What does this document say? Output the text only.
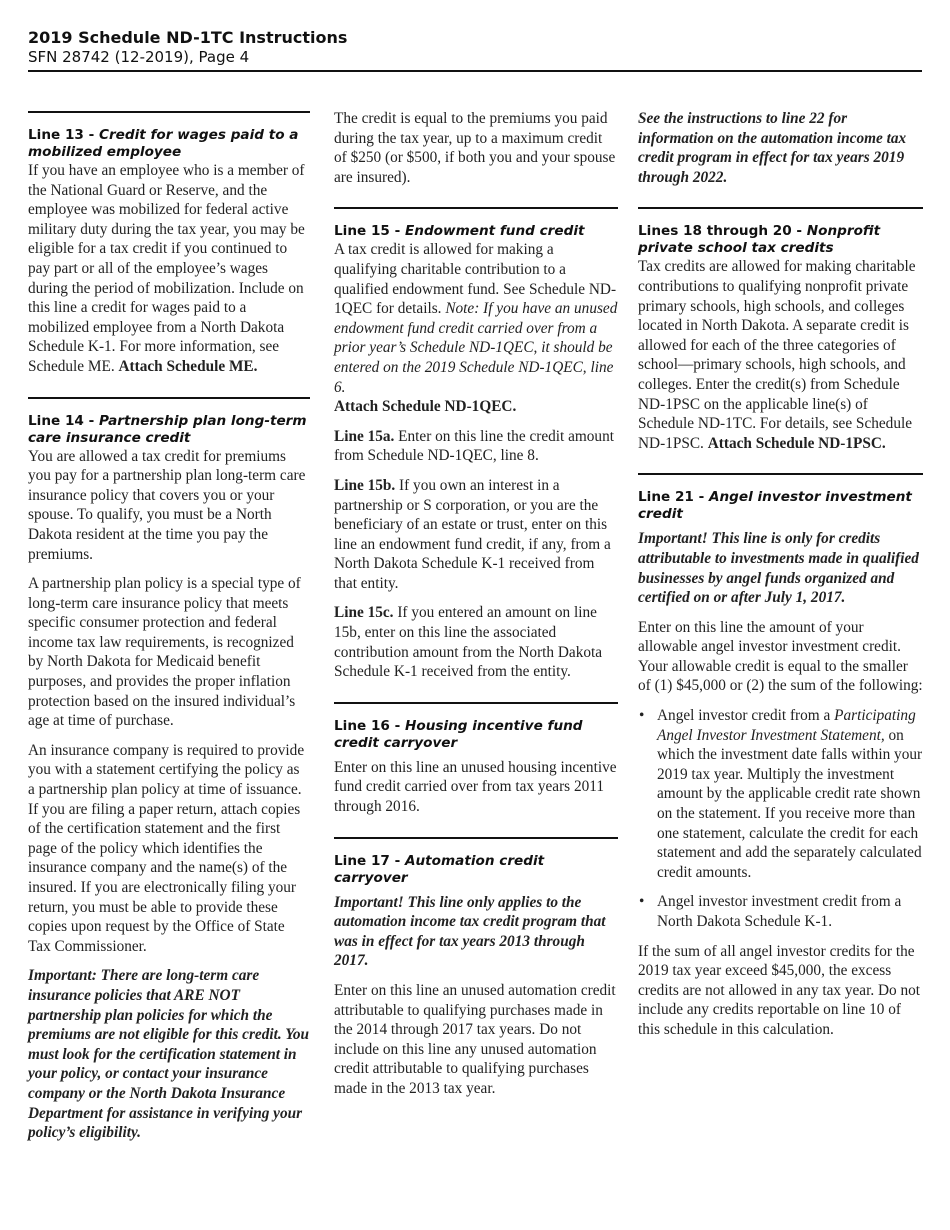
2019 Schedule ND-1TC Instructions
SFN 28742 (12-2019), Page 4
Line 13 - Credit for wages paid to a mobilized employee

If you have an employee who is a member of the National Guard or Reserve, and the employee was mobilized for federal active military duty during the tax year, you may be eligible for a tax credit if you continued to pay part or all of the employee’s wages during the period of mobilization. Include on this line a credit for wages paid to a mobilized employee from a North Dakota Schedule K-1. For more information, see Schedule ME. Attach Schedule ME.

Line 14 - Partnership plan long-term care insurance credit

You are allowed a tax credit for premiums you pay for a partnership plan long-term care insurance policy that covers you or your spouse. To qualify, you must be a North Dakota resident at the time you pay the premiums.

A partnership plan policy is a special type of long-term care insurance policy that meets specific consumer protection and federal income tax law requirements, is recognized by North Dakota for Medicaid benefit purposes, and provides the proper inflation protection based on the insured individual’s age at time of purchase.

An insurance company is required to provide you with a statement certifying the policy as a partnership plan policy at time of issuance. If you are filing a paper return, attach copies of the certification statement and the first page of the policy which identifies the insurance company and the name(s) of the insured. If you are electronically filing your return, you must be able to provide these copies upon request by the Office of State Tax Commissioner.

Important: There are long-term care insurance policies that ARE NOT partnership plan policies for which the premiums are not eligible for this credit. You must look for the certification statement in your policy, or contact your insurance company or the North Dakota Insurance Department for assistance in verifying your policy’s eligibility.

The credit is equal to the premiums you paid during the tax year, up to a maximum credit of $250 (or $500, if both you and your spouse are insured).

Line 15 - Endowment fund credit

A tax credit is allowed for making a qualifying charitable contribution to a qualified endowment fund. See Schedule ND-1QEC for details. Note: If you have an unused endowment fund credit carried over from a prior year’s Schedule ND-1QEC, it should be entered on the 2019 Schedule ND-1QEC, line 6.
Attach Schedule ND-1QEC.

Line 15a. Enter on this line the credit amount from Schedule ND-1QEC, line 8.

Line 15b. If you own an interest in a partnership or S corporation, or you are the beneficiary of an estate or trust, enter on this line an endowment fund credit, if any, from a North Dakota Schedule K-1 received from that entity.

Line 15c. If you entered an amount on line 15b, enter on this line the associated contribution amount from the North Dakota Schedule K-1 received from the entity.

Line 16 - Housing incentive fund credit carryover

Enter on this line an unused housing incentive fund credit carried over from tax years 2011 through 2016.

Line 17 - Automation credit carryover

Important! This line only applies to the automation income tax credit program that was in effect for tax years 2013 through 2017.

Enter on this line an unused automation credit attributable to qualifying purchases made in the 2014 through 2017 tax years. Do not include on this line any unused automation credit attributable to qualifying purchases made in the 2013 tax year.

See the instructions to line 22 for information on the automation income tax credit program in effect for tax years 2019 through 2022.

Lines 18 through 20 - Nonprofit private school tax credits

Tax credits are allowed for making charitable contributions to qualifying nonprofit private primary schools, high schools, and colleges located in North Dakota. A separate credit is allowed for each of the three categories of school—primary schools, high schools, and colleges. Enter the credit(s) from Schedule ND-1PSC on the applicable line(s) of Schedule ND-1TC. For details, see Schedule ND-1PSC. Attach Schedule ND-1PSC.

Line 21 - Angel investor investment credit

Important! This line is only for credits attributable to investments made in qualified businesses by angel funds organized and certified on or after July 1, 2017.

Enter on this line the amount of your allowable angel investor investment credit. Your allowable credit is equal to the smaller of (1) $45,000 or (2) the sum of the following:

• Angel investor credit from a Participating Angel Investor Investment Statement, on which the investment date falls within your 2019 tax year. Multiply the investment amount by the applicable credit rate shown on the statement. If you receive more than one statement, calculate the credit for each statement and add the separately calculated credit amounts.
• Angel investor investment credit from a North Dakota Schedule K-1.

If the sum of all angel investor credits for the 2019 tax year exceed $45,000, the excess credits are not allowed in any tax year. Do not include any credits reportable on line 10 of this schedule in this calculation.
